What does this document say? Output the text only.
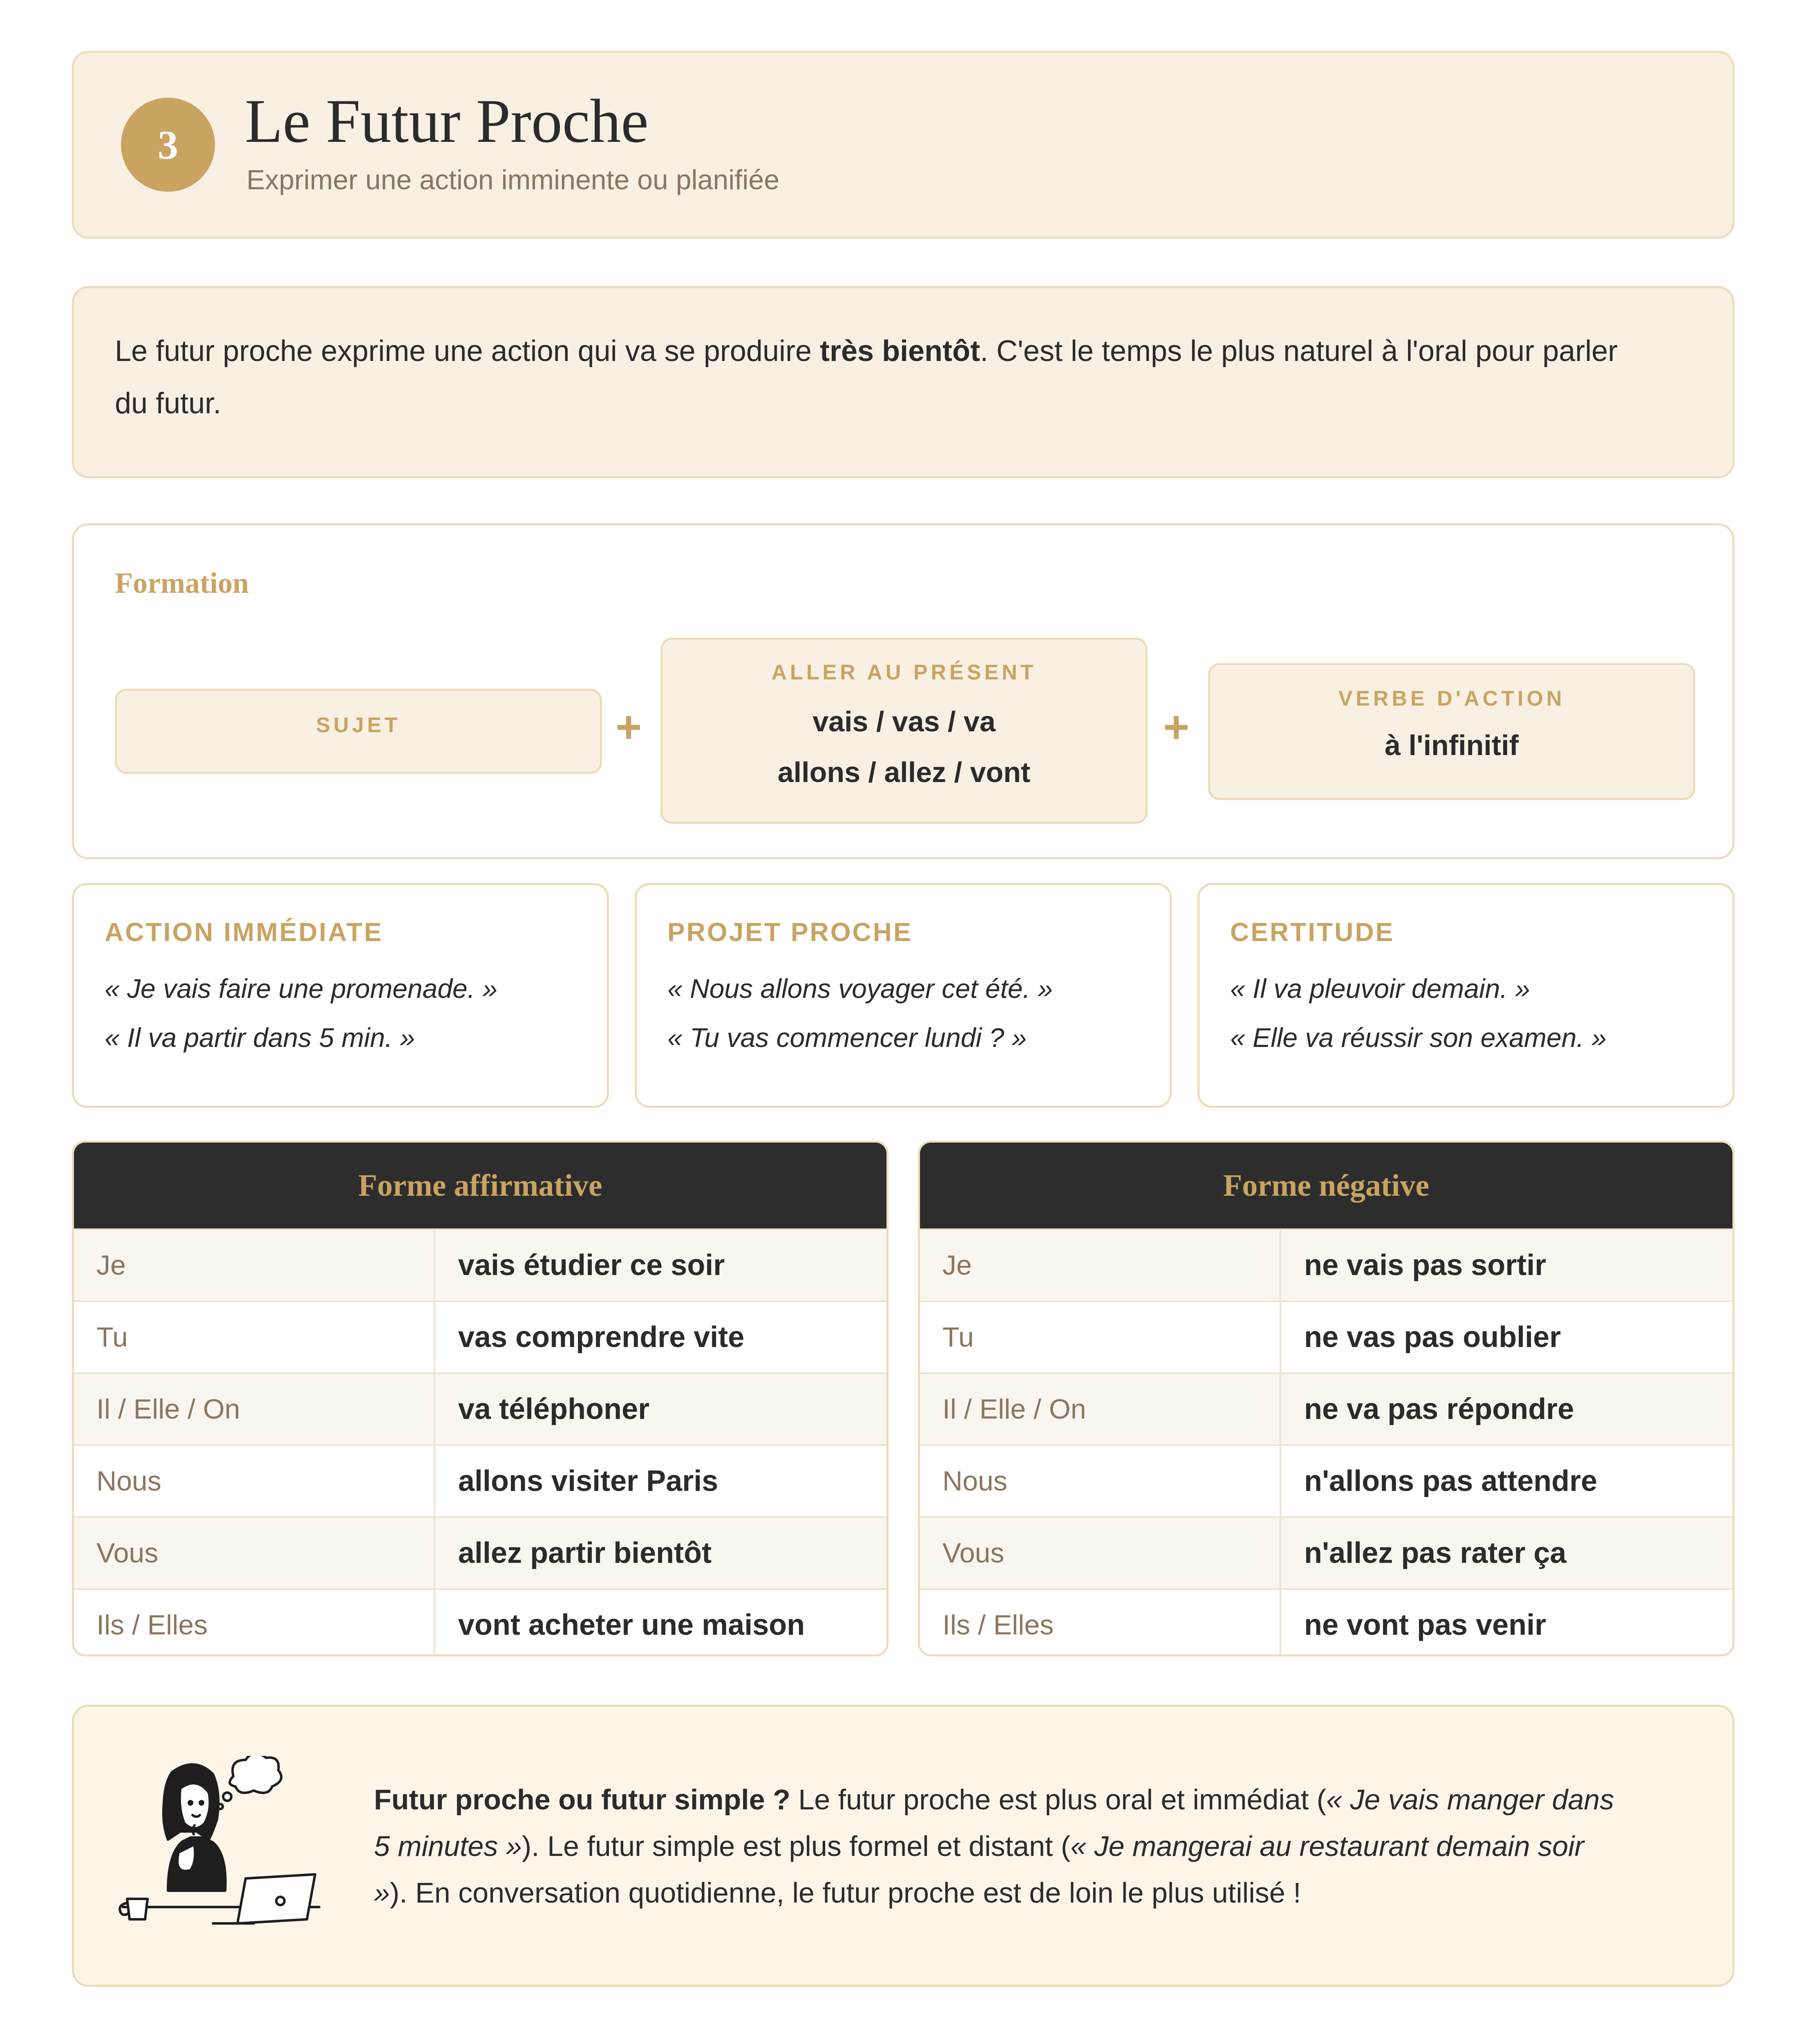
3	Le Futur Proche
Exprimer une action imminente ou planifiée
Le futur proche exprime une action qui va se produire très bientôt. C'est le temps le plus naturel à l'oral pour parler du futur.
Formation
SUJET	+
ALLER AU PRÉSENT
vais / vas / va
allons / allez / vont
+
VERBE D'ACTION
à l'infinitif
ACTION IMMÉDIATE
« Je vais faire une promenade. »
« Il va partir dans 5 min. »
PROJET PROCHE
« Nous allons voyager cet été. »
« Tu vas commencer lundi ? »
CERTITUDE
« Il va pleuvoir demain. »
« Elle va réussir son examen. »
Forme affirmative
Je	vais étudier ce soir
Tu	vas comprendre vite
Il / Elle / On	va téléphoner
Nous	allons visiter Paris
Vous	allez partir bientôt
Ils / Elles	vont acheter une maison
Forme négative
Je	ne vais pas sortir
Tu	ne vas pas oublier
Il / Elle / On	ne va pas répondre
Nous	n'allons pas attendre
Vous	n'allez pas rater ça
Ils / Elles	ne vont pas venir
Futur proche ou futur simple ? Le futur proche est plus oral et immédiat (« Je vais manger dans 5 minutes »). Le futur simple est plus formel et distant (« Je mangerai au restaurant demain soir »). En conversation quotidienne, le futur proche est de loin le plus utilisé !
